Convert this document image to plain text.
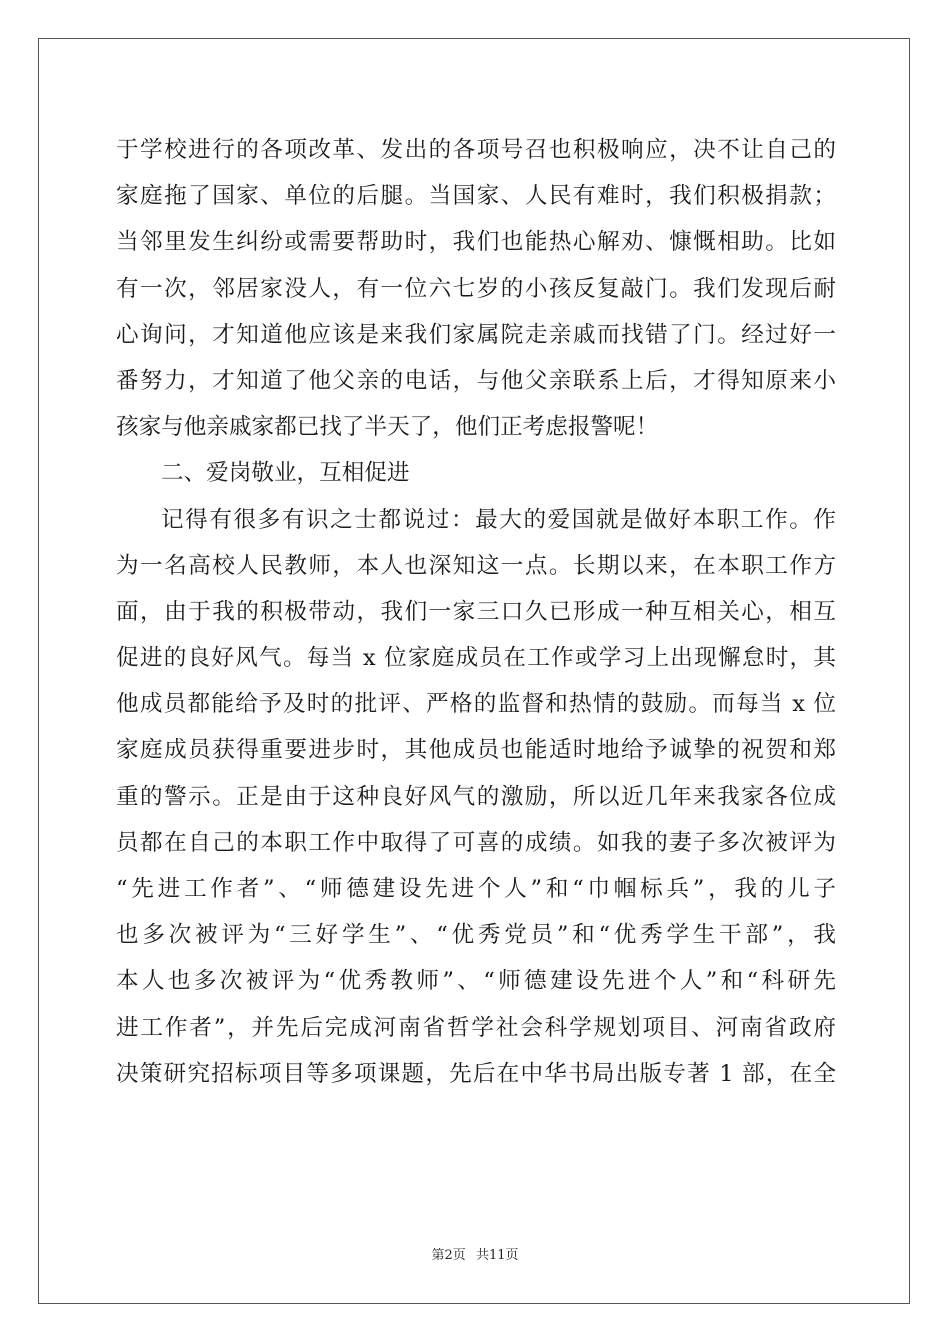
于学校进行的各项改革、发出的各项号召也积极响应，决不让自己的
家庭拖了国家、单位的后腿。当国家、人民有难时，我们积极捐款；
当邻里发生纠纷或需要帮助时，我们也能热心解劝、慷慨相助。比如
有一次，邻居家没人，有一位六七岁的小孩反复敲门。我们发现后耐
心询问，才知道他应该是来我们家属院走亲戚而找错了门。经过好一
番努力，才知道了他父亲的电话，与他父亲联系上后，才得知原来小
孩家与他亲戚家都已找了半天了，他们正考虑报警呢！
二、爱岗敬业，互相促进
记得有很多有识之士都说过：最大的爱国就是做好本职工作。作
为一名高校人民教师，本人也深知这一点。长期以来，在本职工作方
面，由于我的积极带动，我们一家三口久已形成一种互相关心，相互
促进的良好风气。每当 x 位家庭成员在工作或学习上出现懈怠时，其
他成员都能给予及时的批评、严格的监督和热情的鼓励。而每当 x 位
家庭成员获得重要进步时，其他成员也能适时地给予诚挚的祝贺和郑
重的警示。正是由于这种良好风气的激励，所以近几年来我家各位成
员都在自己的本职工作中取得了可喜的成绩。如我的妻子多次被评为
“先进工作者”、“师德建设先进个人”和“巾帼标兵”，我的儿子
也多次被评为“三好学生”、“优秀党员”和“优秀学生干部”，我
本人也多次被评为“优秀教师”、“师德建设先进个人”和“科研先
进工作者”，并先后完成河南省哲学社会科学规划项目、河南省政府
决策研究招标项目等多项课题，先后在中华书局出版专著 1 部，在全
第2页 共11页
